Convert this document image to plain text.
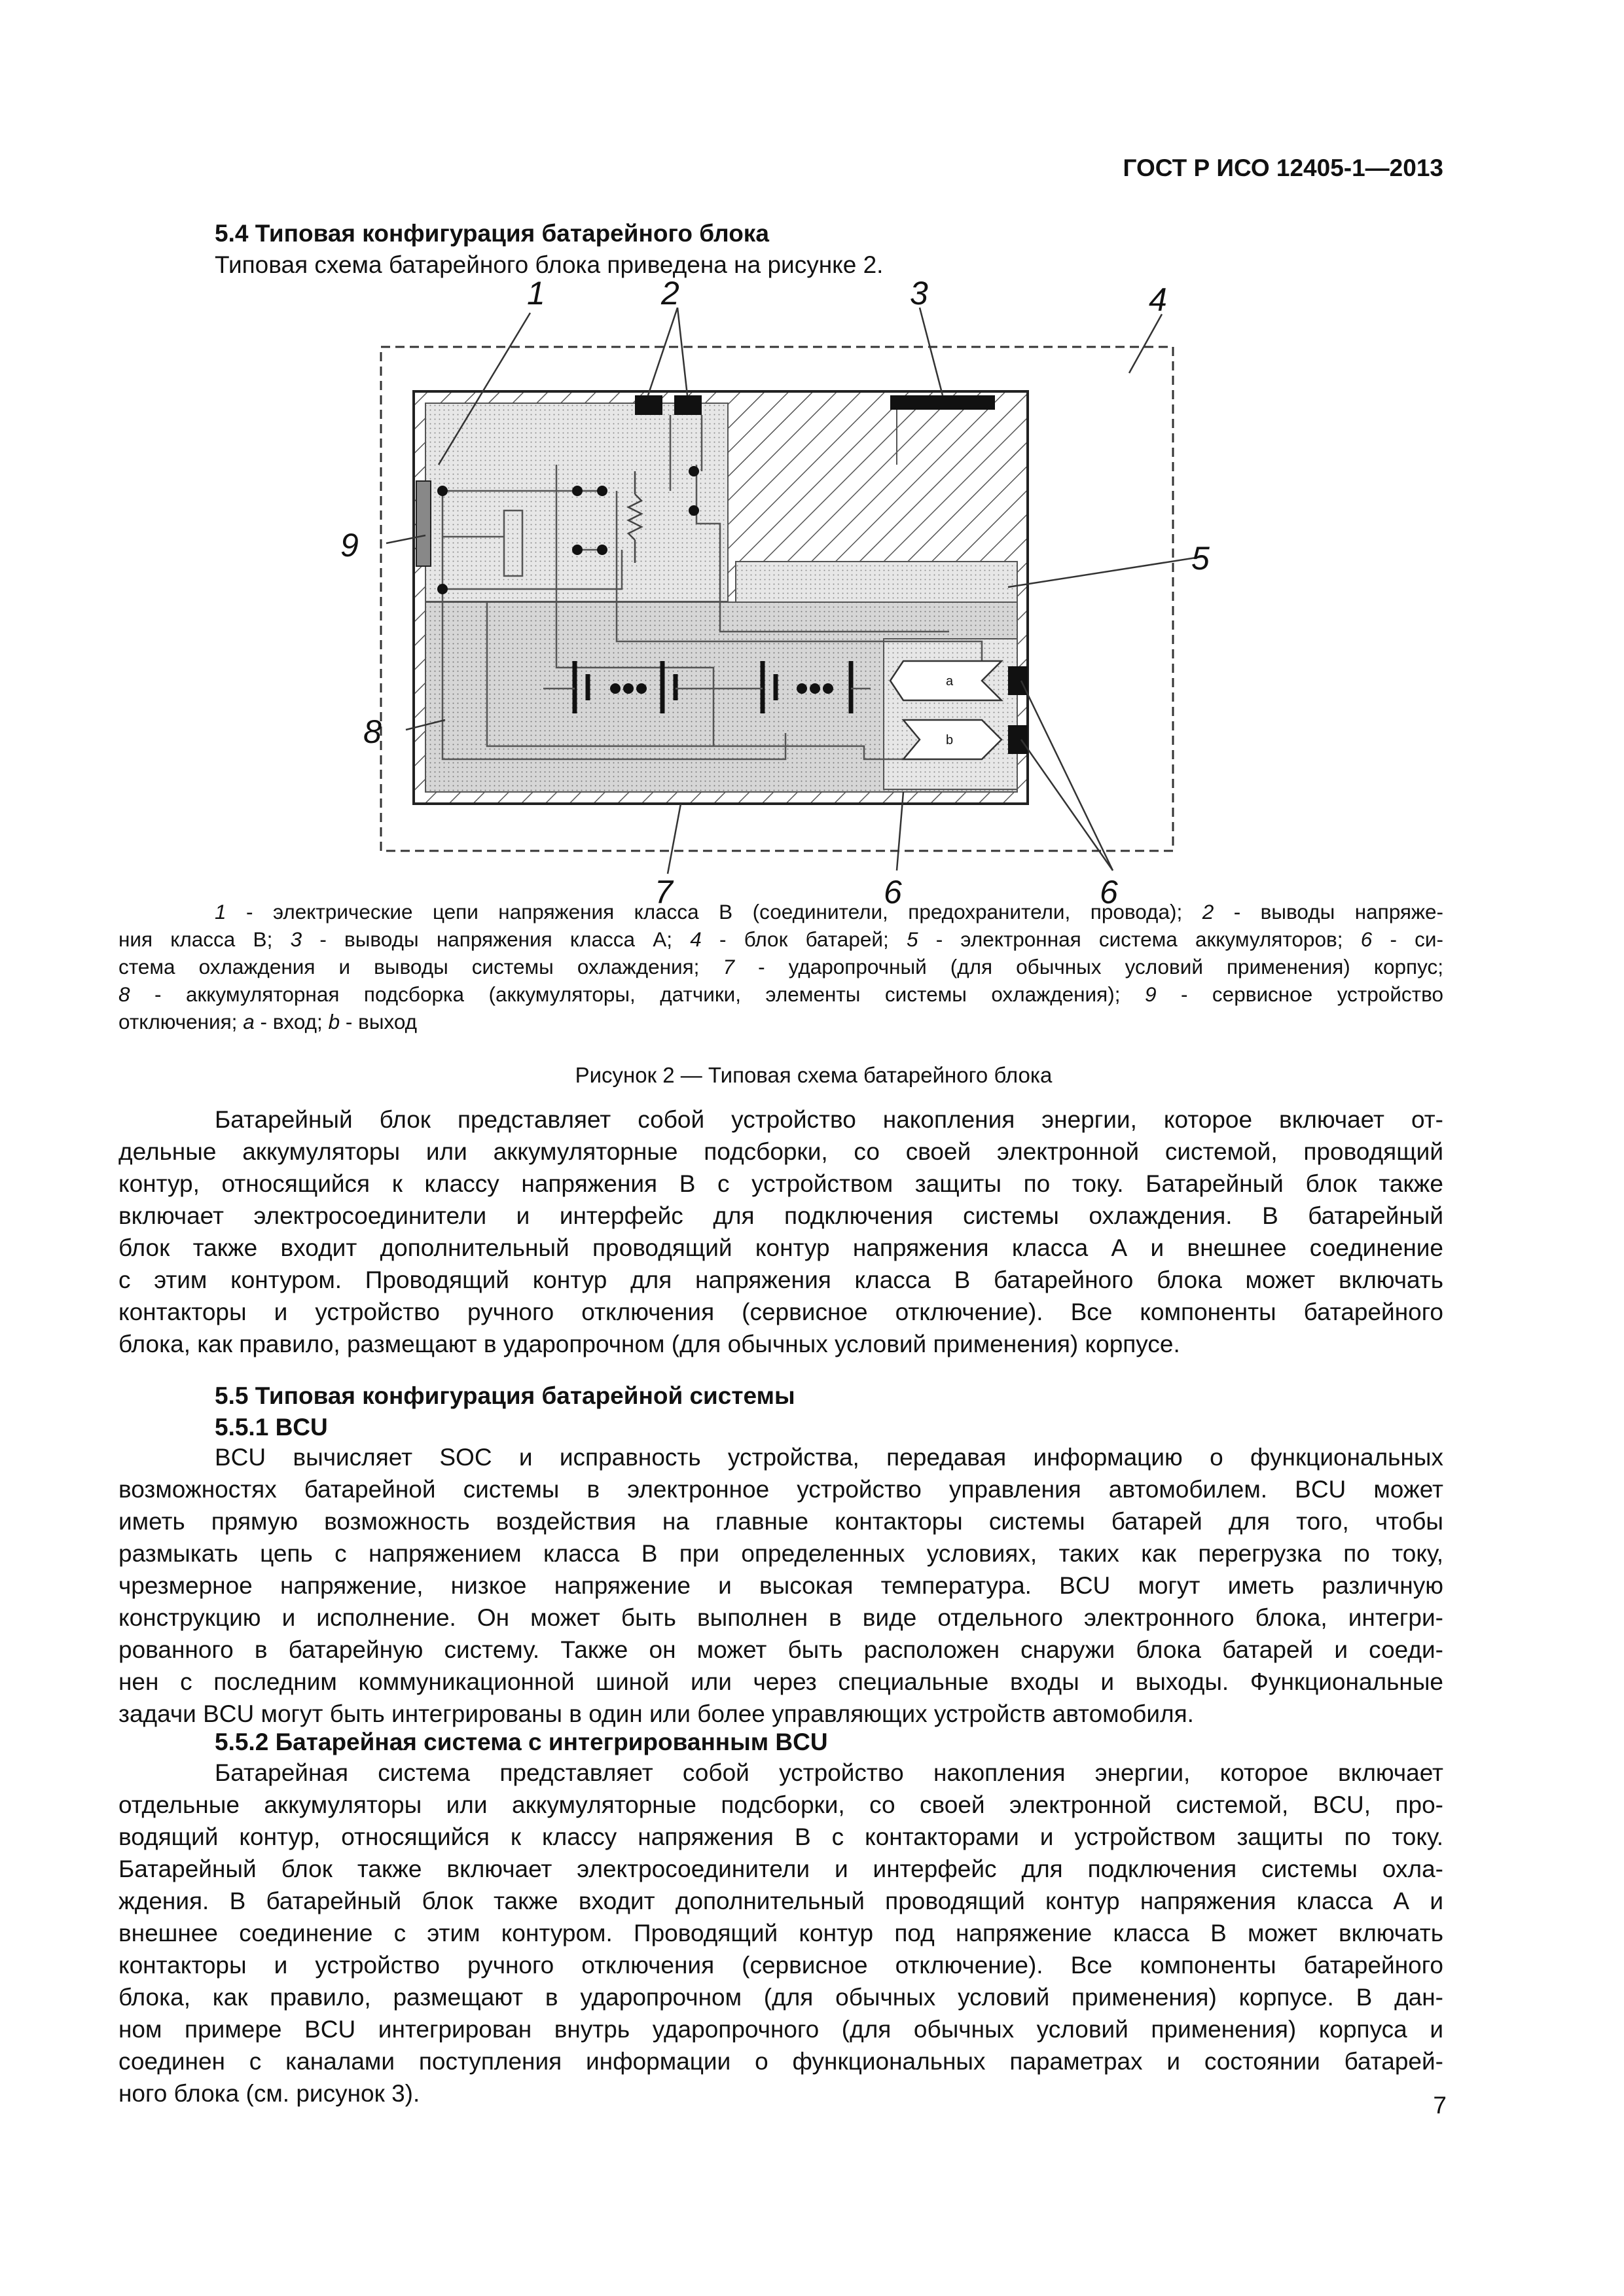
ГОСТ Р ИСО 12405-1—2013
5.4 Типовая конфигурация батарейного блока
Типовая схема батарейного блока приведена на рисунке 2.
a
b
1	2	3	4
5
6	6
7
8
9
1 - электрические цепи напряжения класса В (соединители, предохранители, провода); 2 - выводы напряже-
ния класса В; 3 - выводы напряжения класса А; 4 - блок батарей; 5 - электронная система аккумуляторов; 6 - си-
стема охлаждения и выводы системы охлаждения; 7 - ударопрочный (для обычных условий применения) корпус;
8 - аккумуляторная подсборка (аккумуляторы, датчики, элементы системы охлаждения); 9 - сервисное устройство
отключения; a - вход; b - выход
Рисунок 2 — Типовая схема батарейного блока
Батарейный блок представляет собой устройство накопления энергии, которое включает от-
дельные аккумуляторы или аккумуляторные подсборки, со своей электронной системой, проводящий
контур, относящийся к классу напряжения В с устройством защиты по току. Батарейный блок также
включает электросоединители и интерфейс для подключения системы охлаждения. В батарейный
блок также входит дополнительный проводящий контур напряжения класса А и внешнее соединение
с этим контуром. Проводящий контур для напряжения класса В батарейного блока может включать
контакторы и устройство ручного отключения (сервисное отключение). Все компоненты батарейного
блока, как правило, размещают в ударопрочном (для обычных условий применения) корпусе.
5.5 Типовая конфигурация батарейной системы
5.5.1 BCU
BCU вычисляет SOC и исправность устройства, передавая информацию о функциональных
возможностях батарейной системы в электронное устройство управления автомобилем. BCU может
иметь прямую возможность воздействия на главные контакторы системы батарей для того, чтобы
размыкать цепь с напряжением класса В при определенных условиях, таких как перегрузка по току,
чрезмерное напряжение, низкое напряжение и высокая температура. BCU могут иметь различную
конструкцию и исполнение. Он может быть выполнен в виде отдельного электронного блока, интегри-
рованного в батарейную систему. Также он может быть расположен снаружи блока батарей и соеди-
нен с последним коммуникационной шиной или через специальные входы и выходы. Функциональные
задачи BCU могут быть интегрированы в один или более управляющих устройств автомобиля.
5.5.2 Батарейная система с интегрированным BCU
Батарейная система представляет собой устройство накопления энергии, которое включает
отдельные аккумуляторы или аккумуляторные подсборки, со своей электронной системой, BCU, про-
водящий контур, относящийся к классу напряжения В с контакторами и устройством защиты по току.
Батарейный блок также включает электросоединители и интерфейс для подключения системы охла-
ждения. В батарейный блок также входит дополнительный проводящий контур напряжения класса А и
внешнее соединение с этим контуром. Проводящий контур под напряжение класса В может включать
контакторы и устройство ручного отключения (сервисное отключение). Все компоненты батарейного
блока, как правило, размещают в ударопрочном (для обычных условий применения) корпусе. В дан-
ном примере BCU интегрирован внутрь ударопрочного (для обычных условий применения) корпуса и
соединен с каналами поступления информации о функциональных параметрах и состоянии батарей-
ного блока (см. рисунок 3).	7
